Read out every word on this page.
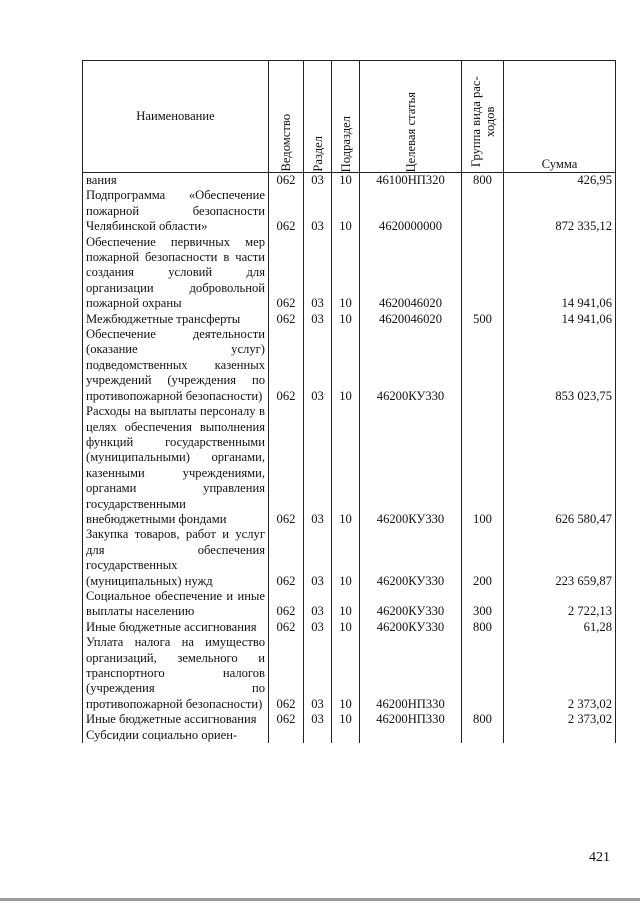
Наименование	Ведомство	Раздел	Подраздел	Целевая статья	Группа вида рас- ходов	Сумма
вания	062	03	10	46100НП320	800	426,95
Подпрограмма «Обеспечение пожарной безопасности Челябинской области»	062	03	10	4620000000		872 335,12
Обеспечение первичных мер пожарной безопасности в части создания условий для организации добровольной пожарной охраны	062	03	10	4620046020		14 941,06
Межбюджетные трансферты	062	03	10	4620046020	500	14 941,06
Обеспечение деятельности (оказание услуг) подведомственных казенных учреждений (учреждения по противопожарной безопасности)	062	03	10	46200КУ330		853 023,75
Расходы на выплаты персоналу в целях обеспечения выполнения функций государственными (муниципальными) органами, казенными учреждениями, органами управления государственными внебюджетными фондами	062	03	10	46200КУ330	100	626 580,47
Закупка товаров, работ и услуг для обеспечения государственных (муниципальных) нужд	062	03	10	46200КУ330	200	223 659,87
Социальное обеспечение и иные выплаты населению	062	03	10	46200КУ330	300	2 722,13
Иные бюджетные ассигнования	062	03	10	46200КУ330	800	61,28
Уплата налога на имущество организаций, земельного и транспортного налогов (учреждения по противопожарной безопасности)	062	03	10	46200НП330		2 373,02
Иные бюджетные ассигнования	062	03	10	46200НП330	800	2 373,02
Субсидии социально ориен-						
421
